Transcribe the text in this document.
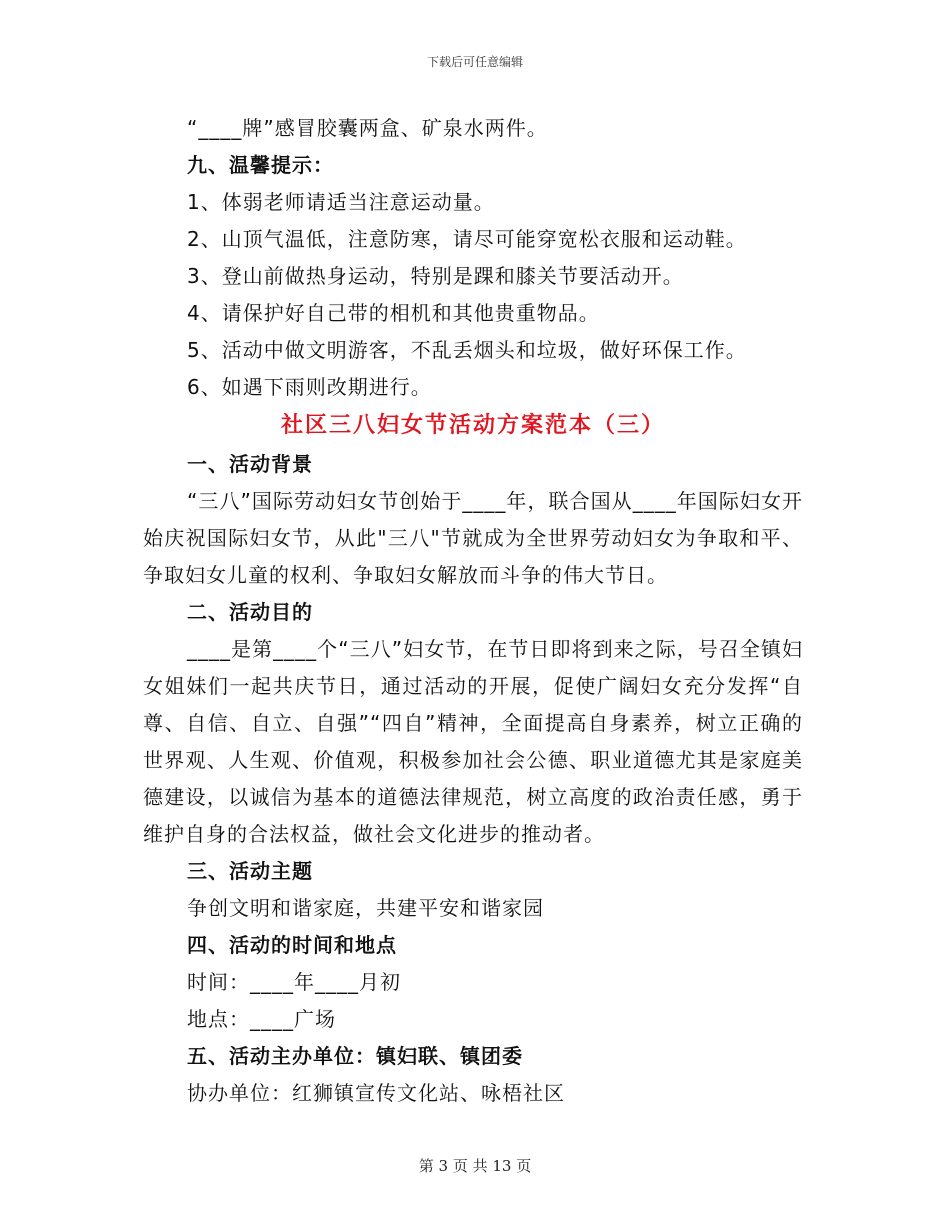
下载后可任意编辑
“____牌”感冒胶囊两盒、矿泉水两件。
九、温馨提示：
1、体弱老师请适当注意运动量。
2、山顶气温低，注意防寒，请尽可能穿宽松衣服和运动鞋。
3、登山前做热身运动，特别是踝和膝关节要活动开。
4、请保护好自己带的相机和其他贵重物品。
5、活动中做文明游客，不乱丢烟头和垃圾，做好环保工作。
6、如遇下雨则改期进行。
社区三八妇女节活动方案范本（三）
一、活动背景
“三八”国际劳动妇女节创始于____年，联合国从____年国际妇女开始庆祝国际妇女节，从此"三八"节就成为全世界劳动妇女为争取和平、争取妇女儿童的权利、争取妇女解放而斗争的伟大节日。
二、活动目的
____是第____个“三八”妇女节，在节日即将到来之际，号召全镇妇女姐妹们一起共庆节日，通过活动的开展，促使广阔妇女充分发挥“自尊、自信、自立、自强”“四自”精神，全面提高自身素养，树立正确的世界观、人生观、价值观，积极参加社会公德、职业道德尤其是家庭美德建设，以诚信为基本的道德法律规范，树立高度的政治责任感，勇于维护自身的合法权益，做社会文化进步的推动者。
三、活动主题
争创文明和谐家庭，共建平安和谐家园
四、活动的时间和地点
时间：____年____月初
地点：____广场
五、活动主办单位：镇妇联、镇团委
协办单位：红狮镇宣传文化站、咏梧社区
第 3 页 共 13 页
